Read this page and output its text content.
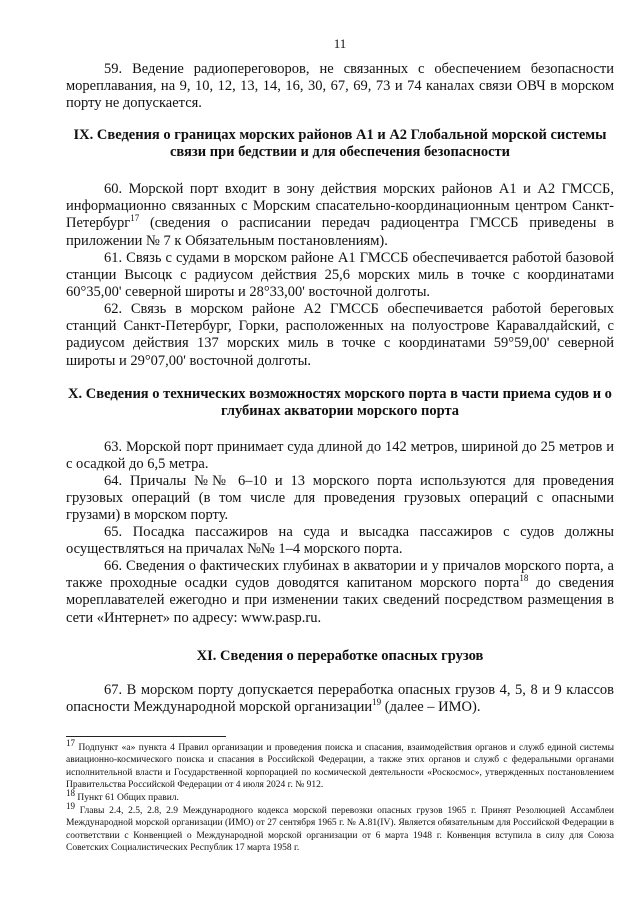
11
59. Ведение радиопереговоров, не связанных с обеспечением безопасности мореплавания, на 9, 10, 12, 13, 14, 16, 30, 67, 69, 73 и 74 каналах связи ОВЧ в морском порту не допускается.
IX. Сведения о границах морских районов А1 и А2 Глобальной морской системы связи при бедствии и для обеспечения безопасности
60. Морской порт входит в зону действия морских районов А1 и А2 ГМССБ, информационно связанных с Морским спасательно-координационным центром Санкт-Петербург$^{17}$ (сведения о расписании передач радиоцентра ГМССБ приведены в приложении № 7 к Обязательным постановлениям).
61. Связь с судами в морском районе А1 ГМССБ обеспечивается работой базовой станции Высоцк с радиусом действия 25,6 морских миль в точке с координатами 60°35,00' северной широты и 28°33,00' восточной долготы.
62. Связь в морском районе А2 ГМССБ обеспечивается работой береговых станций Санкт-Петербург, Горки, расположенных на полуострове Каравалдайский, с радиусом действия 137 морских миль в точке с координатами 59°59,00' северной широты и 29°07,00' восточной долготы.
X. Сведения о технических возможностях морского порта в части приема судов и о глубинах акватории морского порта
63. Морской порт принимает суда длиной до 142 метров, шириной до 25 метров и с осадкой до 6,5 метра.
64. Причалы №№ 6–10 и 13 морского порта используются для проведения грузовых операций (в том числе для проведения грузовых операций с опасными грузами) в морском порту.
65. Посадка пассажиров на суда и высадка пассажиров с судов должны осуществляться на причалах №№ 1–4 морского порта.
66. Сведения о фактических глубинах в акватории и у причалов морского порта, а также проходные осадки судов доводятся капитаном морского порта$^{18}$ до сведения мореплавателей ежегодно и при изменении таких сведений посредством размещения в сети «Интернет» по адресу: www.pasp.ru.
XI. Сведения о переработке опасных грузов
67. В морском порту допускается переработка опасных грузов 4, 5, 8 и 9 классов опасности Международной морской организации$^{19}$ (далее – ИМО).
$^{17}$ Подпункт «а» пункта 4 Правил организации и проведения поиска и спасания, взаимодействия органов и служб единой системы авиационно-космического поиска и спасания в Российской Федерации, а также этих органов и служб с федеральными органами исполнительной власти и Государственной корпорацией по космической деятельности «Роскосмос», утвержденных постановлением Правительства Российской Федерации от 4 июля 2024 г. № 912.
$^{18}$ Пункт 61 Общих правил.
$^{19}$ Главы 2.4, 2.5, 2.8, 2.9 Международного кодекса морской перевозки опасных грузов 1965 г. Принят Резолюцией Ассамблеи Международной морской организации (ИМО) от 27 сентября 1965 г. № А.81(IV). Является обязательным для Российской Федерации в соответствии с Конвенцией о Международной морской организации от 6 марта 1948 г. Конвенция вступила в силу для Союза Советских Социалистических Республик 17 марта 1958 г.
